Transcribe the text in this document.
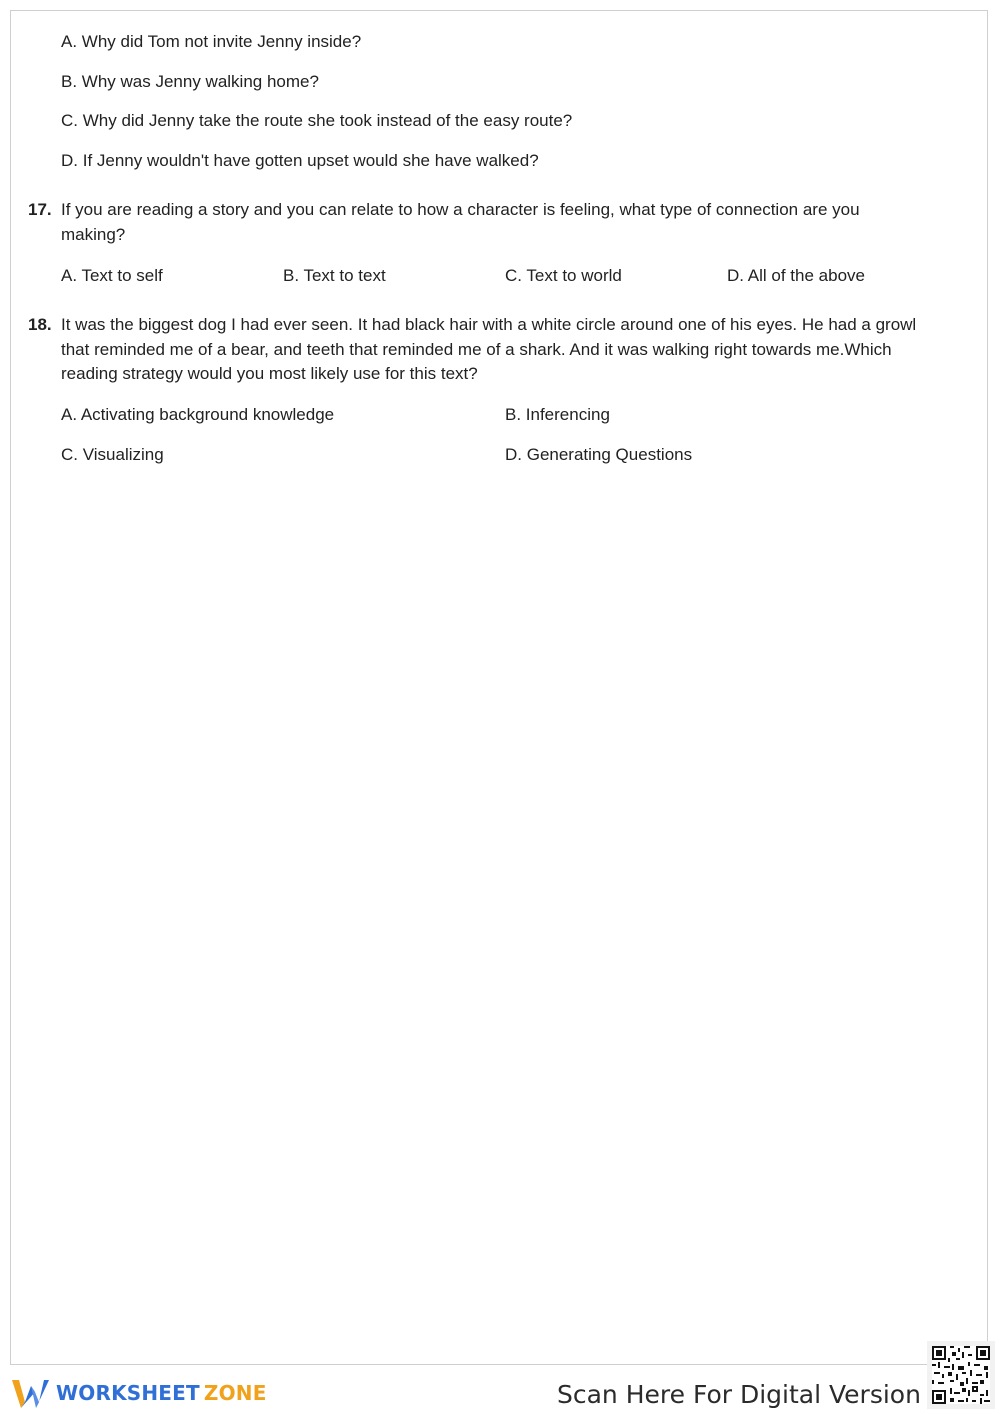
A. Why did Tom not invite Jenny inside?
B. Why was Jenny walking home?
C. Why did Jenny take the route she took instead of the easy route?
D. If Jenny wouldn't have gotten upset would she have walked?
17. If you are reading a story and you can relate to how a character is feeling, what type of connection are you making?
A. Text to self	B. Text to text	C. Text to world	D. All of the above
18. It was the biggest dog I had ever seen. It had black hair with a white circle around one of his eyes. He had a growl that reminded me of a bear, and teeth that reminded me of a shark. And it was walking right towards me.Which reading strategy would you most likely use for this text?
A. Activating background knowledge	B. Inferencing
C. Visualizing	D. Generating Questions
WORKSHEET ZONE	Scan Here For Digital Version
